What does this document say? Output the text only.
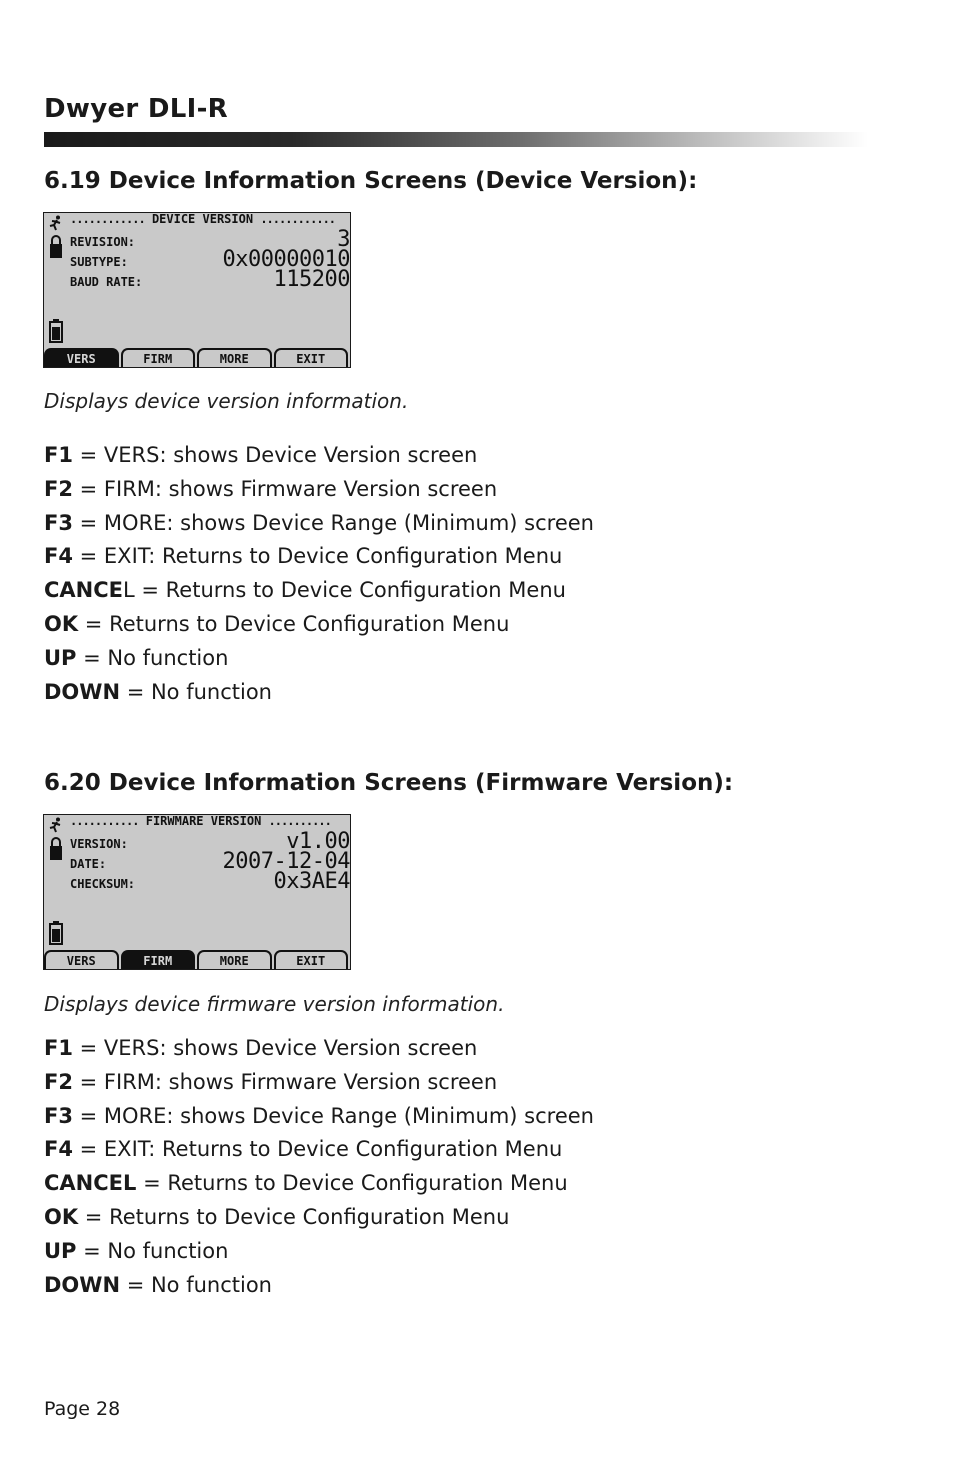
Dwyer DLI-R
6.19 Device Information Screens (Device Version):
............ DEVICE VERSION ............
REVISION:	3
SUBTYPE:	0x00000010
BAUD RATE:	115200
VERS	FIRM	MORE	EXIT
Displays device version information.
F1 = VERS: shows Device Version screen
F2 = FIRM: shows Firmware Version screen
F3 = MORE: shows Device Range (Minimum) screen
F4 = EXIT: Returns to Device Configuration Menu
CANCEL = Returns to Device Configuration Menu
OK = Returns to Device Configuration Menu
UP = No function
DOWN = No function
6.20 Device Information Screens (Firmware Version):
........... FIRWMARE VERSION ..........
VERSION:	v1.00
DATE:	2007-12-04
CHECKSUM:	0x3AE4
VERS	FIRM	MORE	EXIT
Displays device firmware version information.
F1 = VERS: shows Device Version screen
F2 = FIRM: shows Firmware Version screen
F3 = MORE: shows Device Range (Minimum) screen
F4 = EXIT: Returns to Device Configuration Menu
CANCEL = Returns to Device Configuration Menu
OK = Returns to Device Configuration Menu
UP = No function
DOWN = No function
Page 28
